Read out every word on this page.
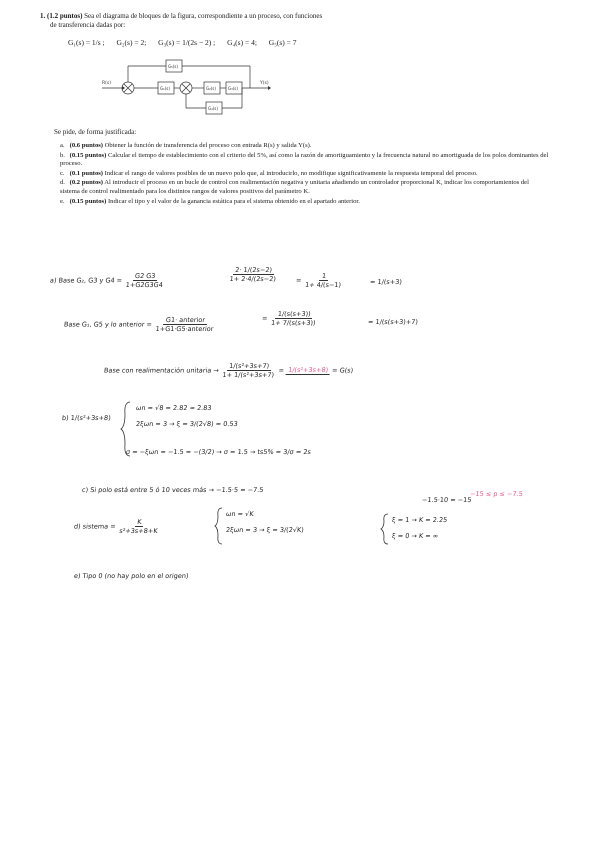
1. (1.2 puntos) Sea el diagrama de bloques de la figura, correspondiente a un proceso, con funciones
de transferencia dadas por:
G₁(s) = 1/s ; G₂(s) = 2; G₃(s) = 1/(2s − 2) ; G₄(s) = 4; G₅(s) = 7
R(s)	Y(s)
G₁(s)	G₂(s)	G₃(s)
G₄(s)
G₅(s)
Se pide, de forma justificada:
a. (0.6 puntos) Obtener la función de transferencia del proceso con entrada R(s) y salida Y(s).
b. (0.15 puntos) Calcular el tiempo de establecimiento con el criterio del 5%, así como la razón de amortiguamiento y la frecuencia natural no amortiguada de los polos dominantes del proceso.
c. (0.1 puntos) Indicar el rango de valores posibles de un nuevo polo que, al introducirlo, no modifique significativamente la respuesta temporal del proceso.
d. (0.2 puntos) Al introducir el proceso en un bucle de control con realimentación negativa y unitaria añadiendo un controlador proporcional K, indicar los comportamientos del sistema de control realimentado para los distintos rangos de valores positivos del parámetro K.
e. (0.15 puntos) Indicar el tipo y el valor de la ganancia estática para el sistema obtenido en el apartado anterior.
a) Base G₂, G3 y $G4 = \frac{G2 G3}{1+G2G3G4}$	$\frac{2\cdot 1/(2s-2)}{1+ 2\cdot 4/(2s-2)}$	=
$\frac{1}{1+ 4/(s-1)}$	= 1/(s+3)
Base G₁, G5 y lo anterior = $\frac{\text{G1· anterior}}{\text{1+G1·G5·anterior}}$	=
$\frac{1/(s(s+3))}{1+ 7/(s(s+3))}$	= 1/(s(s+3)+7)
Base con realimentación unitaria → $\frac{\text{1/(s²+3s+7)}}{\text{1+ 1/(s²+3s+7)}}$
= 1/(s²+3s+8) = G(s)
b) 1/(s²+3s+8)
ωn = √8 = 2.82 ≈ 2.83
2ξωn = 3 → ξ = 3/(2√8) = 0.53
σ = −ξωn = −1.5 = −(3/2) → σ = 1.5 → ts5% = 3/σ = 2s
c) Si polo está entre 5 ó 10 veces más → −1.5·5 = −7.5
−1.5·10 = −15
−15 ≤ p ≤ −7.5
d) sistema = $\frac{K}{\text{s²+3s+8+K}}$
ωn = √K
2ξωn = 3 → ξ = 3/(2√K)
ξ = 1 → K = 2.25
ξ = 0 → K = ∞
e) Tipo 0 (no hay polo en el origen)
